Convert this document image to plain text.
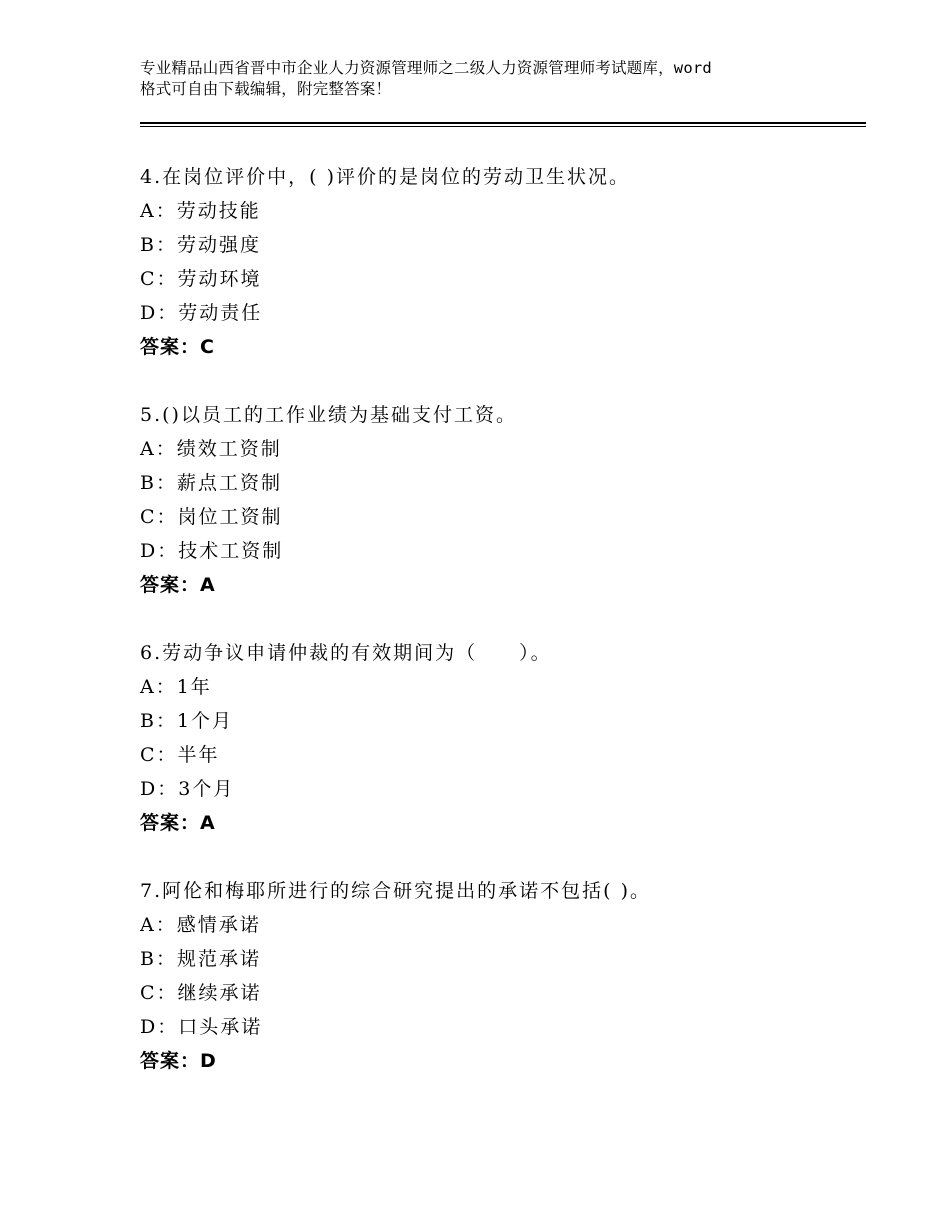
专业精品山西省晋中市企业人力资源管理师之二级人力资源管理师考试题库，word
格式可自由下载编辑，附完整答案！
4.在岗位评价中，( )评价的是岗位的劳动卫生状况。
A：劳动技能
B：劳动强度
C：劳动环境
D：劳动责任
答案：C
5.()以员工的工作业绩为基础支付工资。
A：绩效工资制
B：薪点工资制
C：岗位工资制
D：技术工资制
答案：A
6.劳动争议申请仲裁的有效期间为（　　）。
A：1年
B：1个月
C：半年
D：3个月
答案：A
7.阿伦和梅耶所进行的综合研究提出的承诺不包括( )。
A：感情承诺
B：规范承诺
C：继续承诺
D：口头承诺
答案：D
